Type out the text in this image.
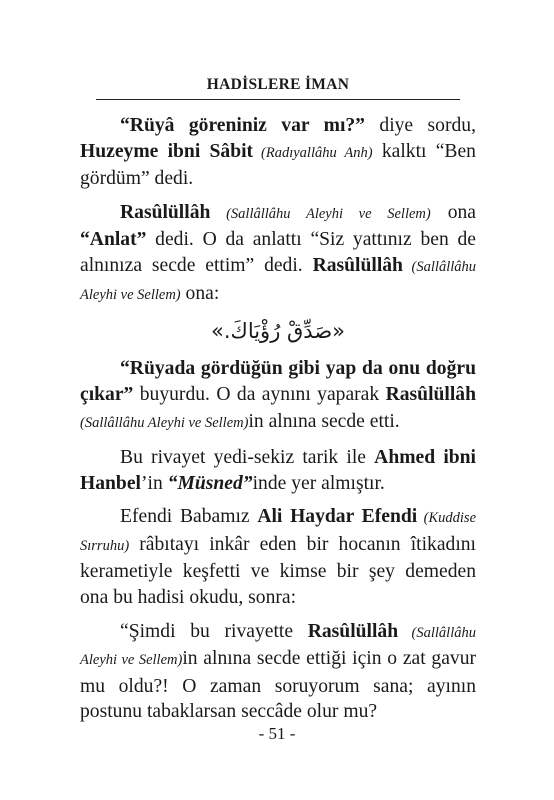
HADİSLERE İMAN

“Rüyâ göreniniz var mı?” diye sordu, Huzeyme ibni Sâbit (Radıyallâhu Anh) kalktı “Ben gördüm” dedi.

Rasûlüllâh (Sallâllâhu Aleyhi ve Sellem) ona “Anlat” dedi. O da anlattı “Siz yattınız ben de alnınıza secde ettim” dedi. Rasûlüllâh (Sallâllâhu Aleyhi ve Sellem) ona:

«صَدِّقْ رُؤْيَاكَ.»

“Rüyada gördüğün gibi yap da onu doğru çıkar” buyurdu. O da aynını yaparak Rasûlüllâh (Sallâllâhu Aleyhi ve Sellem)in alnına secde etti.

Bu rivayet yedi-sekiz tarik ile Ahmed ibni Hanbel’in “Müsned”inde yer almıştır.

Efendi Babamız Ali Haydar Efendi (Kuddise Sırruhu) râbıtayı inkâr eden bir hocanın îtikadını kerametiyle keşfetti ve kimse bir şey demeden ona bu hadisi okudu, sonra:

“Şimdi bu rivayette Rasûlüllâh (Sallâllâhu Aleyhi ve Sellem)in alnına secde ettiği için o zat gavur mu oldu?! O zaman soruyorum sana; ayının postunu tabaklarsan seccâde olur mu?

- 51 -
